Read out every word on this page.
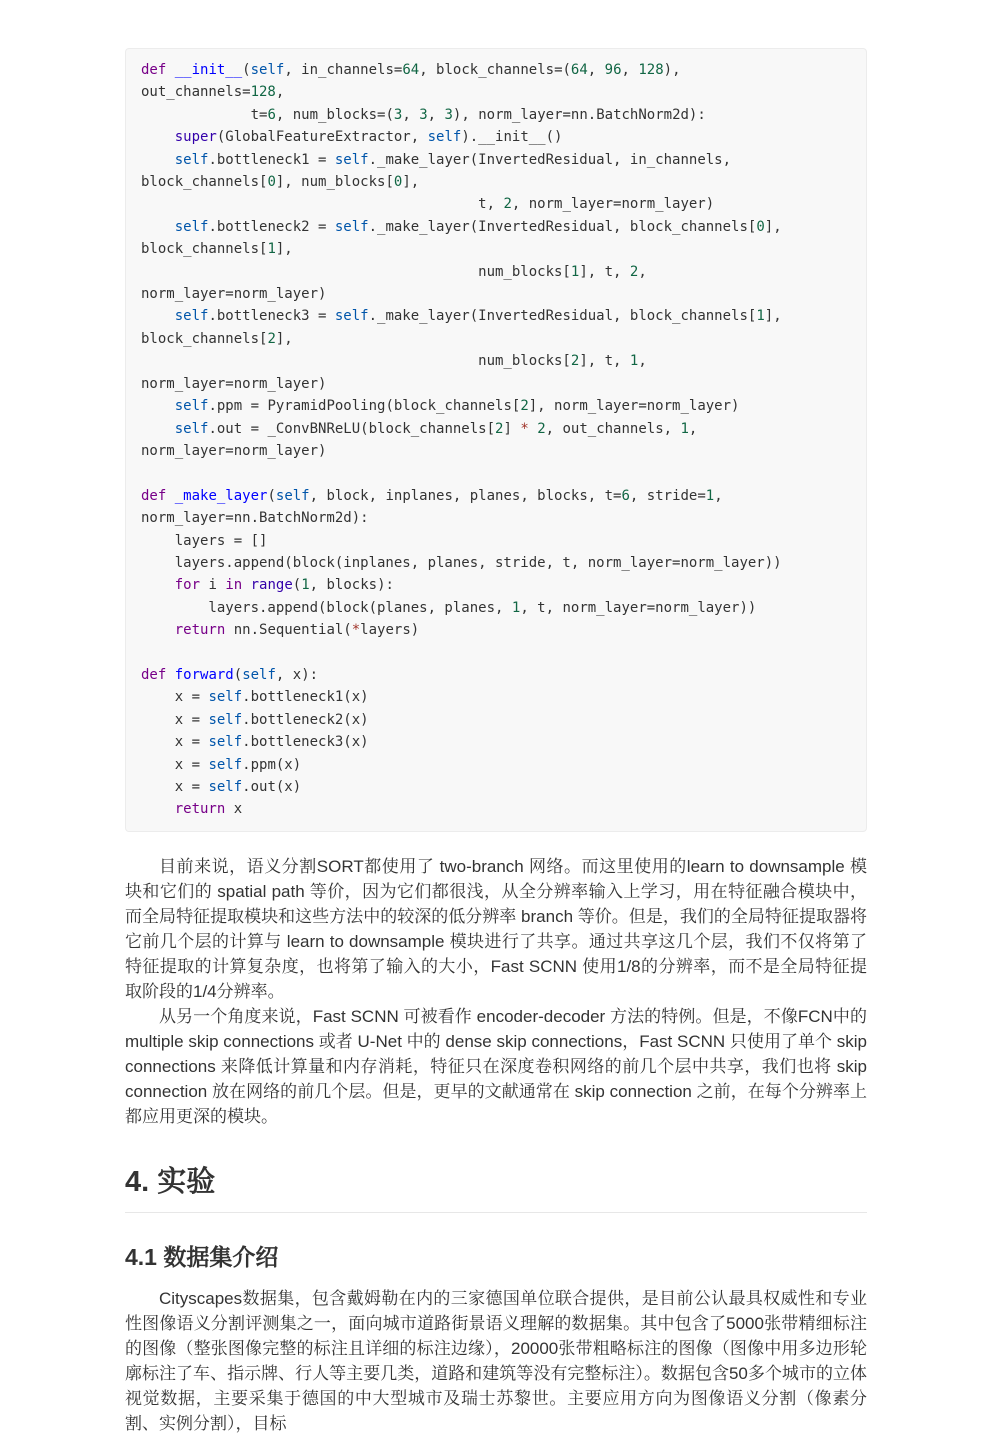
def __init__(self, in_channels=64, block_channels=(64, 96, 128),
out_channels=128,
t=6, num_blocks=(3, 3, 3), norm_layer=nn.BatchNorm2d):
super(GlobalFeatureExtractor, self).__init__()
self.bottleneck1 = self._make_layer(InvertedResidual, in_channels,
block_channels[0], num_blocks[0],
t, 2, norm_layer=norm_layer)
self.bottleneck2 = self._make_layer(InvertedResidual, block_channels[0],
block_channels[1],
num_blocks[1], t, 2,
norm_layer=norm_layer)
self.bottleneck3 = self._make_layer(InvertedResidual, block_channels[1],
block_channels[2],
num_blocks[2], t, 1,
norm_layer=norm_layer)
self.ppm = PyramidPooling(block_channels[2], norm_layer=norm_layer)
self.out = _ConvBNReLU(block_channels[2] * 2, out_channels, 1,
norm_layer=norm_layer)

def _make_layer(self, block, inplanes, planes, blocks, t=6, stride=1,
norm_layer=nn.BatchNorm2d):
layers = []
layers.append(block(inplanes, planes, stride, t, norm_layer=norm_layer))
for i in range(1, blocks):
layers.append(block(planes, planes, 1, t, norm_layer=norm_layer))
return nn.Sequential(*layers)

def forward(self, x):
x = self.bottleneck1(x)
x = self.bottleneck2(x)
x = self.bottleneck3(x)
x = self.ppm(x)
x = self.out(x)
return x

目前来说，语义分割SORT都使用了 two-branch 网络。而这里使用的learn to downsample 模块和它们的 spatial path 等价，因为它们都很浅，从全分辨率输入上学习，用在特征融合模块中，而全局特征提取模块和这些方法中的较深的低分辨率 branch 等价。但是，我们的全局特征提取器将它前几个层的计算与 learn to downsample 模块进行了共享。通过共享这几个层，我们不仅将第了特征提取的计算复杂度，也将第了输入的大小，Fast SCNN 使用1/8的分辨率，而不是全局特征提取阶段的1/4分辨率。

从另一个角度来说，Fast SCNN 可被看作 encoder-decoder 方法的特例。但是，不像FCN中的 multiple skip connections 或者 U-Net 中的 dense skip connections，Fast SCNN 只使用了单个 skip connections 来降低计算量和内存消耗，特征只在深度卷积网络的前几个层中共享，我们也将 skip connection 放在网络的前几个层。但是，更早的文献通常在 skip connection 之前，在每个分辨率上都应用更深的模块。

4. 实验
4.1 数据集介绍

Cityscapes数据集，包含戴姆勒在内的三家德国单位联合提供，是目前公认最具权威性和专业性图像语义分割评测集之一，面向城市道路街景语义理解的数据集。其中包含了5000张带精细标注的图像（整张图像完整的标注且详细的标注边缘），20000张带粗略标注的图像（图像中用多边形轮廓标注了车、指示牌、行人等主要几类，道路和建筑等没有完整标注）。数据包含50多个城市的立体视觉数据，主要采集于德国的中大型城市及瑞士苏黎世。主要应用方向为图像语义分割（像素分割、实例分割），目标
